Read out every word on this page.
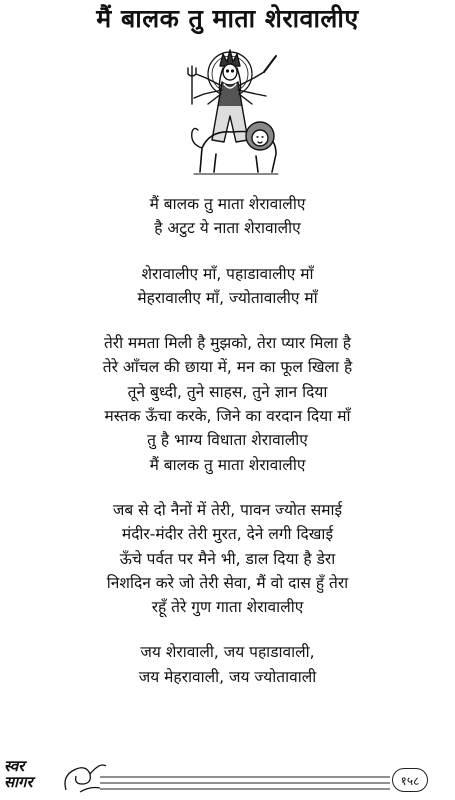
मैं बालक तु माता शेरावालीए
मैं बालक तु माता शेरावालीए
है अटुट ये नाता शेरावालीए
शेरावालीए माँ, पहाडावालीए माँ
मेहरावालीए माँ, ज्योतावालीए माँ
तेरी ममता मिली है मुझको, तेरा प्यार मिला है
तेरे आँचल की छाया में, मन का फूल खिला है
तूने बुध्दी, तुने साहस, तुने ज्ञान दिया
मस्तक ऊँचा करके, जिने का वरदान दिया माँ
तु है भाग्य विधाता शेरावालीए
मैं बालक तु माता शेरावालीए
जब से दो नैनों में तेरी, पावन ज्योत समाई
मंदीर-मंदीर तेरी मुरत, देने लगी दिखाई
ऊँचे पर्वत पर मैने भी, डाल दिया है डेरा
निशदिन करे जो तेरी सेवा, मैं वो दास हुँ तेरा
रहूँ तेरे गुण गाता शेरावालीए
जय शेरावाली, जय पहाडावाली,
जय मेहरावाली, जय ज्योतावाली
स्वर
सागर	१५८
